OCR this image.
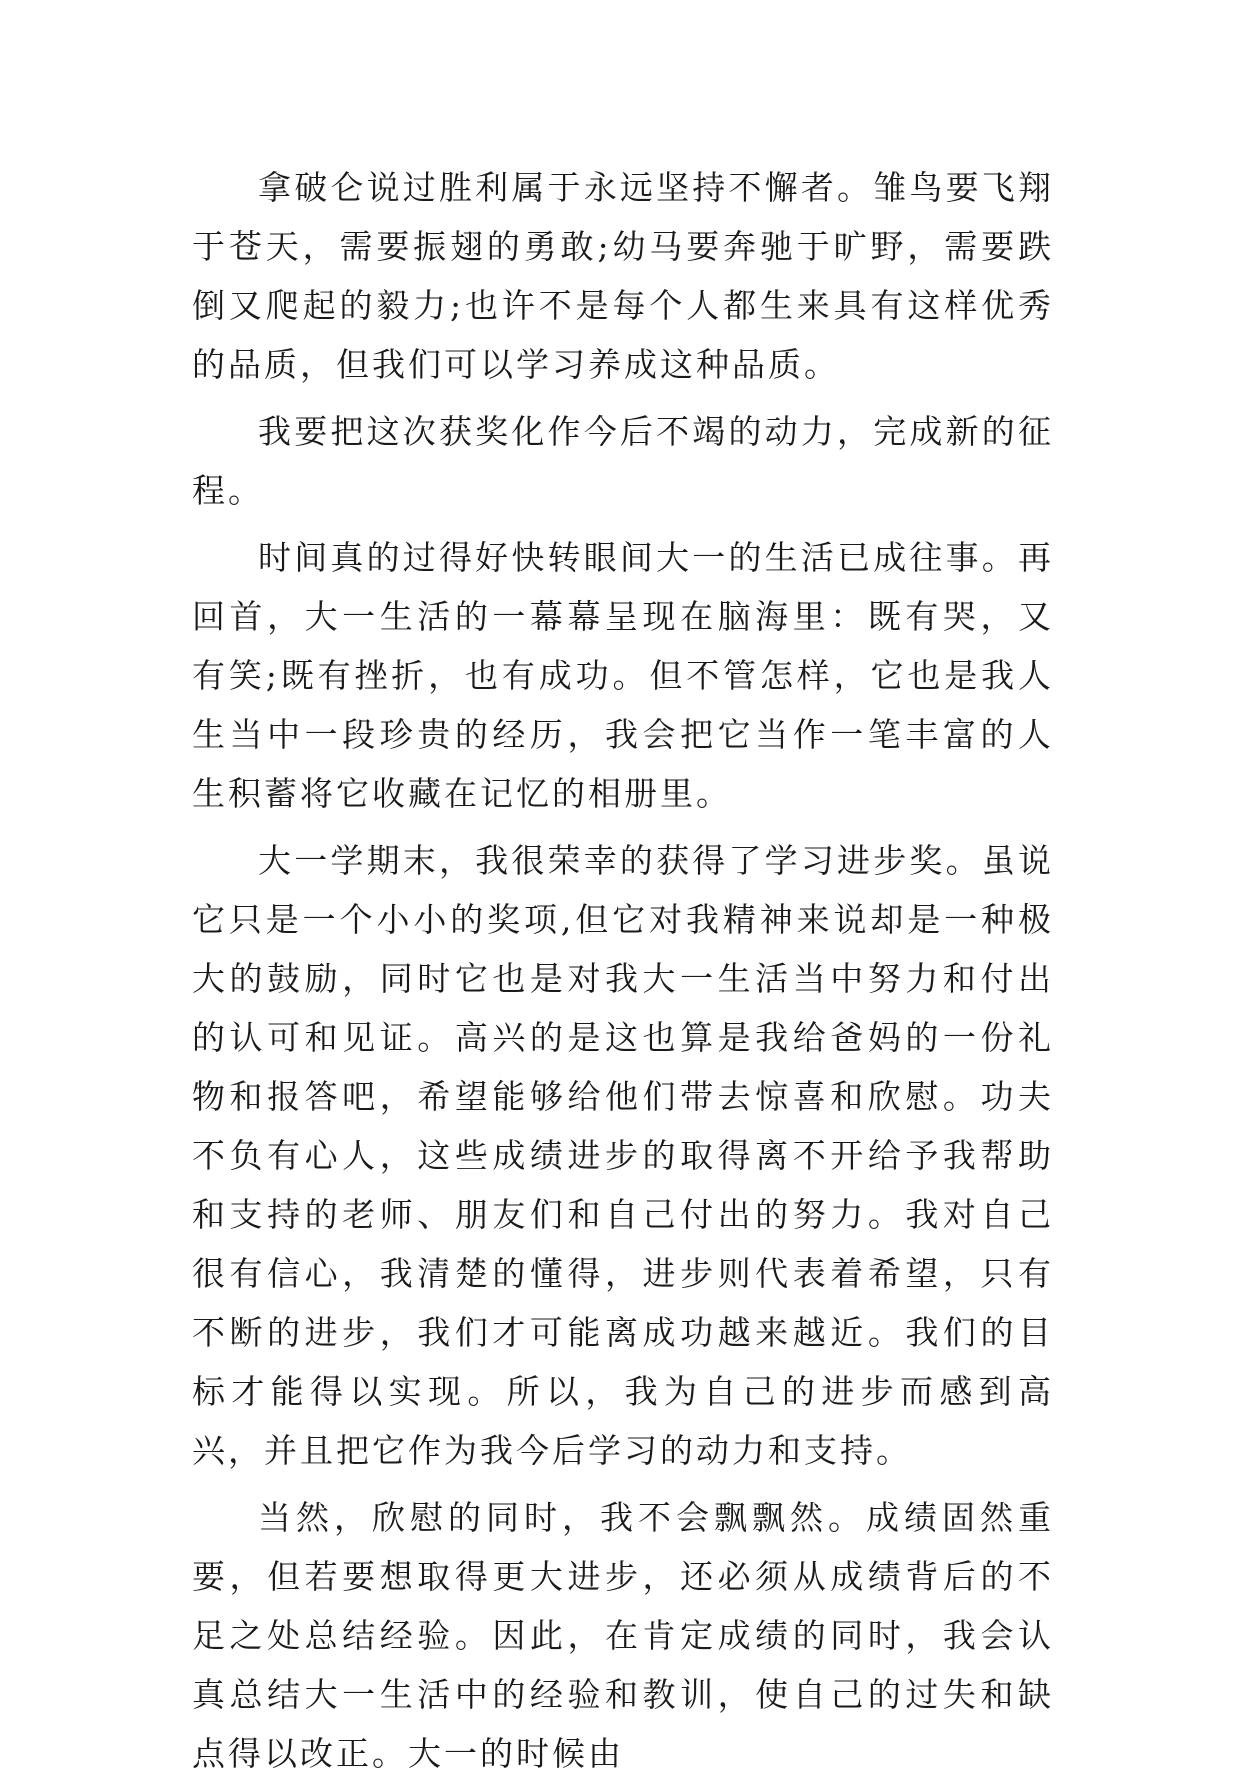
拿破仑说过胜利属于永远坚持不懈者。雏鸟要飞翔于苍天，需要振翅的勇敢;幼马要奔驰于旷野，需要跌倒又爬起的毅力;也许不是每个人都生来具有这样优秀的品质，但我们可以学习养成这种品质。

我要把这次获奖化作今后不竭的动力，完成新的征程。

时间真的过得好快转眼间大一的生活已成往事。再回首，大一生活的一幕幕呈现在脑海里：既有哭，又有笑;既有挫折，也有成功。但不管怎样，它也是我人生当中一段珍贵的经历，我会把它当作一笔丰富的人生积蓄将它收藏在记忆的相册里。

大一学期末，我很荣幸的获得了学习进步奖。虽说它只是一个小小的奖项,但它对我精神来说却是一种极大的鼓励，同时它也是对我大一生活当中努力和付出的认可和见证。高兴的是这也算是我给爸妈的一份礼物和报答吧，希望能够给他们带去惊喜和欣慰。功夫不负有心人，这些成绩进步的取得离不开给予我帮助和支持的老师、朋友们和自己付出的努力。我对自己很有信心，我清楚的懂得，进步则代表着希望，只有不断的进步，我们才可能离成功越来越近。我们的目标才能得以实现。所以，我为自己的进步而感到高兴，并且把它作为我今后学习的动力和支持。

当然，欣慰的同时，我不会飘飘然。成绩固然重要，但若要想取得更大进步，还必须从成绩背后的不足之处总结经验。因此，在肯定成绩的同时，我会认真总结大一生活中的经验和教训，使自己的过失和缺点得以改正。大一的时候由
